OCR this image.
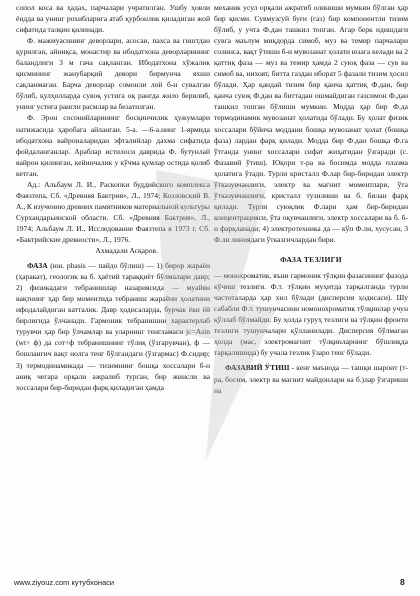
сопол коса ва ҳадах, парчалари учратилган. Ушбу ҳовли ёндда ва унинг рохибларига атаб қурбонлик қиладиган жой сифатида талқин қилинади.

Ф. мажмуасининг деворлари, асосан, пахса ва гиштдан қурилган, айниқса, монастир ва ибодатхона деворларининг баландлиги 3 м гача сақланган. Ибодатхона хўжалик қисмининг жанубарқий девори бирмунча яхши сақланмаган. Барча деворлар сомонли лой б-н сувалган бўлиб, қулҳолларда сувоқ устига оқ рангда жило берилиб, унинг устига рангли расмлар ва безатилган.

Ф. Эрон сосонийларининг босқинчилик ҳужумлари натижасида ҳаробага айланган. 5-а. —6-а.нинг 1-ярмида ибодатхона вайроналаридан эфталийлар дахма сифатида фойдаланганлар. Араблар истилоси даврида Ф. бутунлай вайрон қилинган, кейинчалик у кўчма қумлар остида қолиб кетган.

Ад.: Альбаум Л. И., Раскопки буддийского комплекса Фаязтепа, Сб. «Древняя Бактрия», Л., 1974; Козловский В. А., К изучению древних памятников материальной культуры Сурхандарьинской области. Сб. «Древняя Бактрия», Л., 1974; Альбаум Л. И., Исследование Фаязтепа в 1973 г. Сб. «Бактрийские древности», Л., 1976.

Ахмадали Асқаров.

ФАЗА (юн. phasis — пайдо бўлиш) — 1) бирор жараён (ҳаракат), геологик ва б. ҳаётий тараққиёт бўлмалари давр; 2) физикадаги тебранишлар назариясида — муайян вақтнинг ҳар бир моментида тебраниш жараёни ҳолатини ифодалайдиган катталик. Давр ҳодисаларда, бурчак ёки ёй бирлигида ўлчанади. Гармоник тебранишни характерлаб турувчи ҳар бир ўлчамлар ва уларнинг тенгламаси jc=Asin (wt+ ф) да сот+ф тебранишнинг тўлиқ (ўзгарувчан), ф — бошланғич вақт нолга тенг бўлгандаги (ўзгармас) Ф.сидир; 3) термодинамикада — тизимнинг бошқа хоссалари б-н аниқ чегара орқали ажралиб турган, бир жинсли ва хоссалари бир-биридан фарқ қиладиган ҳамда

механик усул орқали ажратиб олиниши мумкин бўлган ҳар бир қисми. Сувмузсуй буғи (газ) бир компонентли тизим бўлиб, у учта Ф.дан ташкил топган. Агар берк идишдаги сувга маълум миқдорда симоб, муз ва темир парчалари солинса, вақт ўтиши б-н мувозанат ҳолати юзага келади ва 2 қаттиқ фаза — муз ва темир ҳамда 2 суюқ фаза — сув ва симоб ва, нихоят, битта газдан иборат 5 фазали тизим ҳосил бўлади. Ҳар қандай тизим бир қанча қаттиқ Ф.дан, бир қанча суюқ Ф.дан ва биттадан ошмайдиган газсимон Ф.дан ташкил топган бўлиши мумкин. Модда ҳар бир Ф.да термодинамик мувозанат ҳолатида бўлади. Бу ҳолат физик хоссалари бўйича моддани бошқа мувозанат ҳолат (бошқа фаза) лардан фарқ қилади. Модда бир Ф.дан бошқа Ф.га ўтганда унинг хоссалари сифат жиҳатидан ўзгаради (с. Фазавий ўтиш). Юқори т-ра ва босимда модда плазма ҳолатига ўтади. Турли кристалл Ф.лар бир-биридан электр ўтказувчанлиги, электр ва магнит моментлари, ўта ўтказувчанлиги, кристалл тузилиши ва б. билан фарқ қилади. Турли суюқлик Ф.лари ҳам бир-биридан концентрацияси, ўта оқувчанлиги, электр хоссалари ва б. б-н фарқланади; 4) электротехника да — кўп Ф.ли, хусусан, 3 Ф.ли линиядаги ўтказгичлардан бири.

ФАЗА ТЕЗЛИГИ

— монохроматик, яъни гармоник тўлқин фазасининг фазода кўчиш тезлиги. Ф.т. тўлқин муҳитда тарқалганда турли частоталарда ҳар хил бўлади (дисперсия ҳодисаси). Шу сабабли Ф.т. тушунчасини номонохроматик тўлқинлар учун қўллаб бўлмайди. Бу ҳолда гуруҳ тезлиги ва тўлқин фронти тезлиги тушунчалари қўлланилади. Дисперсия бўлмаган ҳолда (мас, электромагнит тўлқинларнинг бўшлиқда тарқалишида) бу учала тезлик ўзаро тенг бўлади.

ФАЗАВИЙ ЎТИШ - кенг маънода — ташқи шароит (т-ра, босим, электр ва магнит майдонлари ва б.)лар ўзгариши на

www.ziyouz.com кутубхонаси	8
